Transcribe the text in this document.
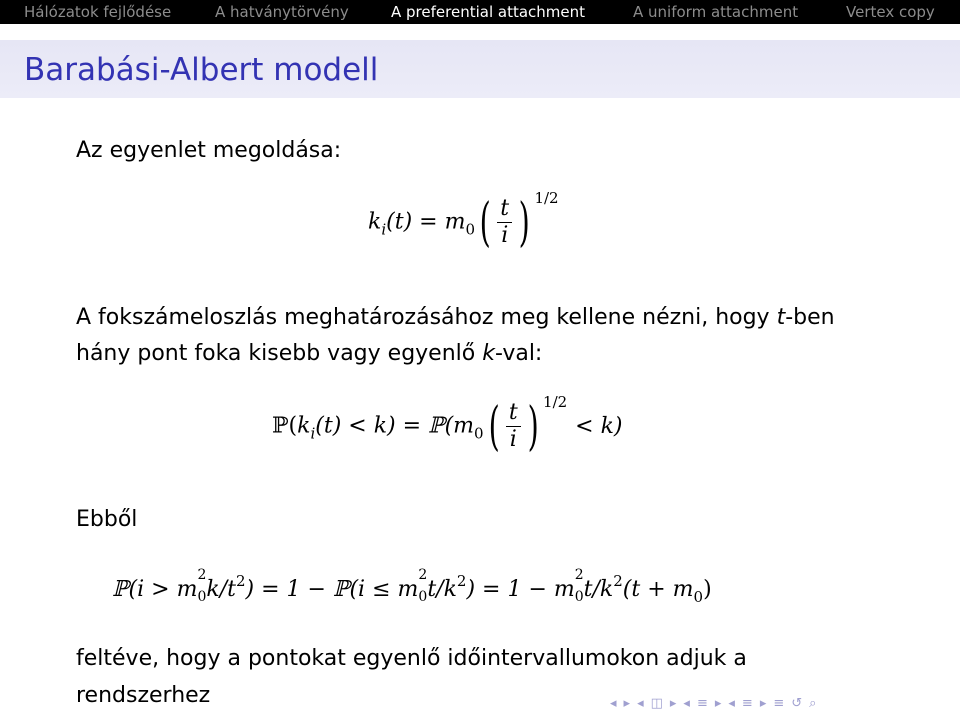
Hálózatok fejlődése	A hatványtörvény	A preferential attachment	A uniform attachment	Vertex copy
Barabási-Albert modell
Az egyenlet megoldása:
$k_i(t) = m_0( \frac{t}{i}$ ) $^{1/2}$
A fokszámeloszlás meghatározásához meg kellene nézni, hogy t-ben
hány pont foka kisebb vagy egyenlő k-val:
$ℙ(k_i(t) < k)$ = $ℙ(m_0( \frac{t}{i}$ ) $^{1/2}$< k)
Ebből
ℙ(i > m
2
0 $k/t^2) = 1$ − ℙ(i ≤ m
2
0 $t/k^2) = 1 - m$
2
0 $t/k^2(t + m_0)$
feltéve, hogy a pontokat egyenlő időintervallumokon adjuk a
rendszerhez	◂ ▸ ◂ ◫ ▸ ◂ ≡ ▸ ◂ ≡ ▸ ≡ ↺ ⌕
